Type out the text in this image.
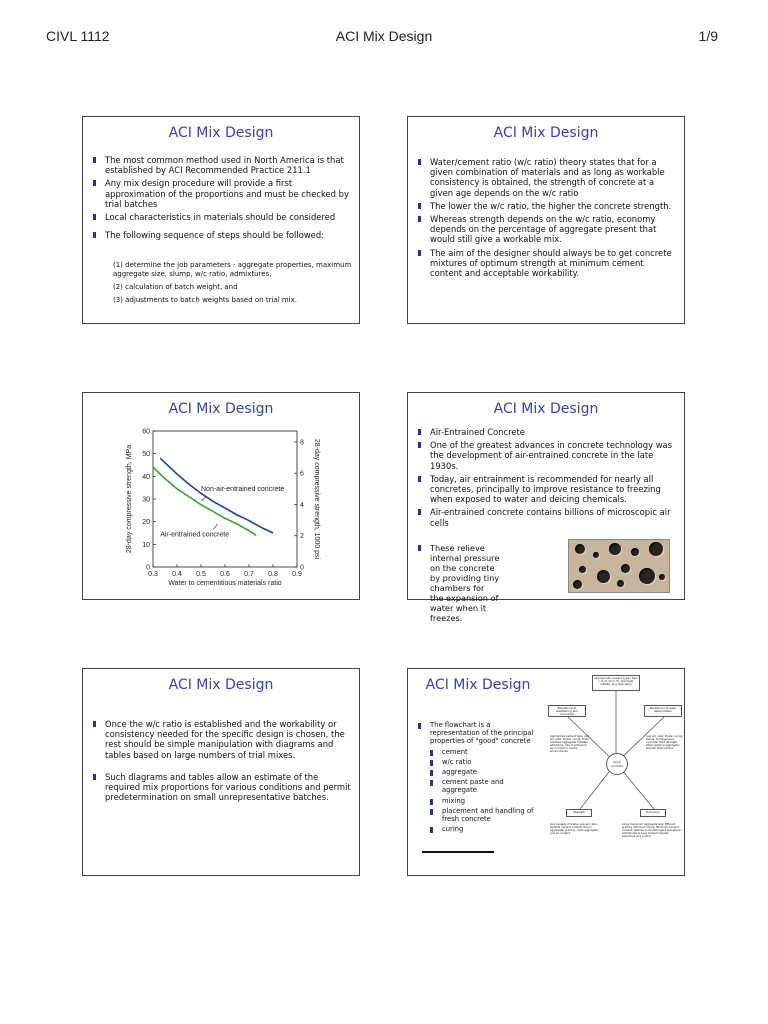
CIVL 1112	ACI Mix Design	1/9
ACI Mix Design
The most common method used in North America is that established by ACI Recommended Practice 211.1
Any mix design procedure will provide a first approximation of the proportions and must be checked by trial batches
Local characteristics in materials should be considered
The following sequence of steps should be followed:
(1) determine the job parameters - aggregate properties, maximum aggregate size, slump, w/c ratio, admixtures,
(2) calculation of batch weight, and
(3) adjustments to batch weights based on trial mix.
ACI Mix Design
Water/cement ratio (w/c ratio) theory states that for a given combination of materials and as long as workable consistency is obtained, the strength of concrete at a given age depends on the w/c ratio
The lower the w/c ratio, the higher the concrete strength.
Whereas strength depends on the w/c ratio, economy depends on the percentage of aggregate present that would still give a workable mix.
The aim of the designer should always be to get concrete mixtures of optimum strength at minimum cement content and acceptable workability.
ACI Mix Design
0.3 0.4 0.5 0.6 0.7 0.8 0.9
0
10
20
30
40
50
60
0
2
4
6
8
Water to cementitious materials ratio
28-day compressive strength, MPa	28-day compressive strength, 1000 psi
Non-air-entrained concrete
Air-entrained concrete
ACI Mix Design
Air-Entrained Concrete
One of the greatest advances in concrete technology was the development of air-entrained concrete in the late 1930s.
Today, air entrainment is recommended for nearly all concretes, principally to improve resistance to freezing when exposed to water and deicing chemicals.
Air-entrained concrete contains billions of microscopic air cells
These relieve internal pressure on the concrete by providing tiny chambers for the expansion of water when it freezes.
ACI Mix Design
Once the w/c ratio is established and the workability or consistency needed for the specific design is chosen, the rest should be simple manipulation with diagrams and tables based on large numbers of trial mixes.
Such diagrams and tables allow an estimate of the required mix proportions for various conditions and permit predetermination on small unrepresentative batches.
ACI Mix Design
The flowchart is a representation of the principal properties of "good" concrete
cement
w/c ratio
aggregate
cement paste and aggregate
mixing
placement and handling of fresh concrete
curing
Appropriate cement type (Type I, II, III, IV or V), low heat, sulfate, and high early
Resistance to weathering and chemicals
Resistance to wear deterioration
Appropriate cement type; Low w/c ratio; Proper curing; Fresh resistant aggregate; Suitable admixture; Use of entrained air in moist or severe environments
Low w/c ratio; Proper curing; Dense, homogeneous concrete; Hard strength; Wear resisting aggregate; Smooth float surface
Good concrete
Strength	Economy
Good quality of paste; Low w/c ratio; Optimal cement content; Sound aggregate, grading; clean aggregate; Low air content
Large maximum aggregate size; Efficient grading; Minimum slump; Minimum cement content; Optimal controlled agent operations; Admixtures to save cement; Quality assurance and control
